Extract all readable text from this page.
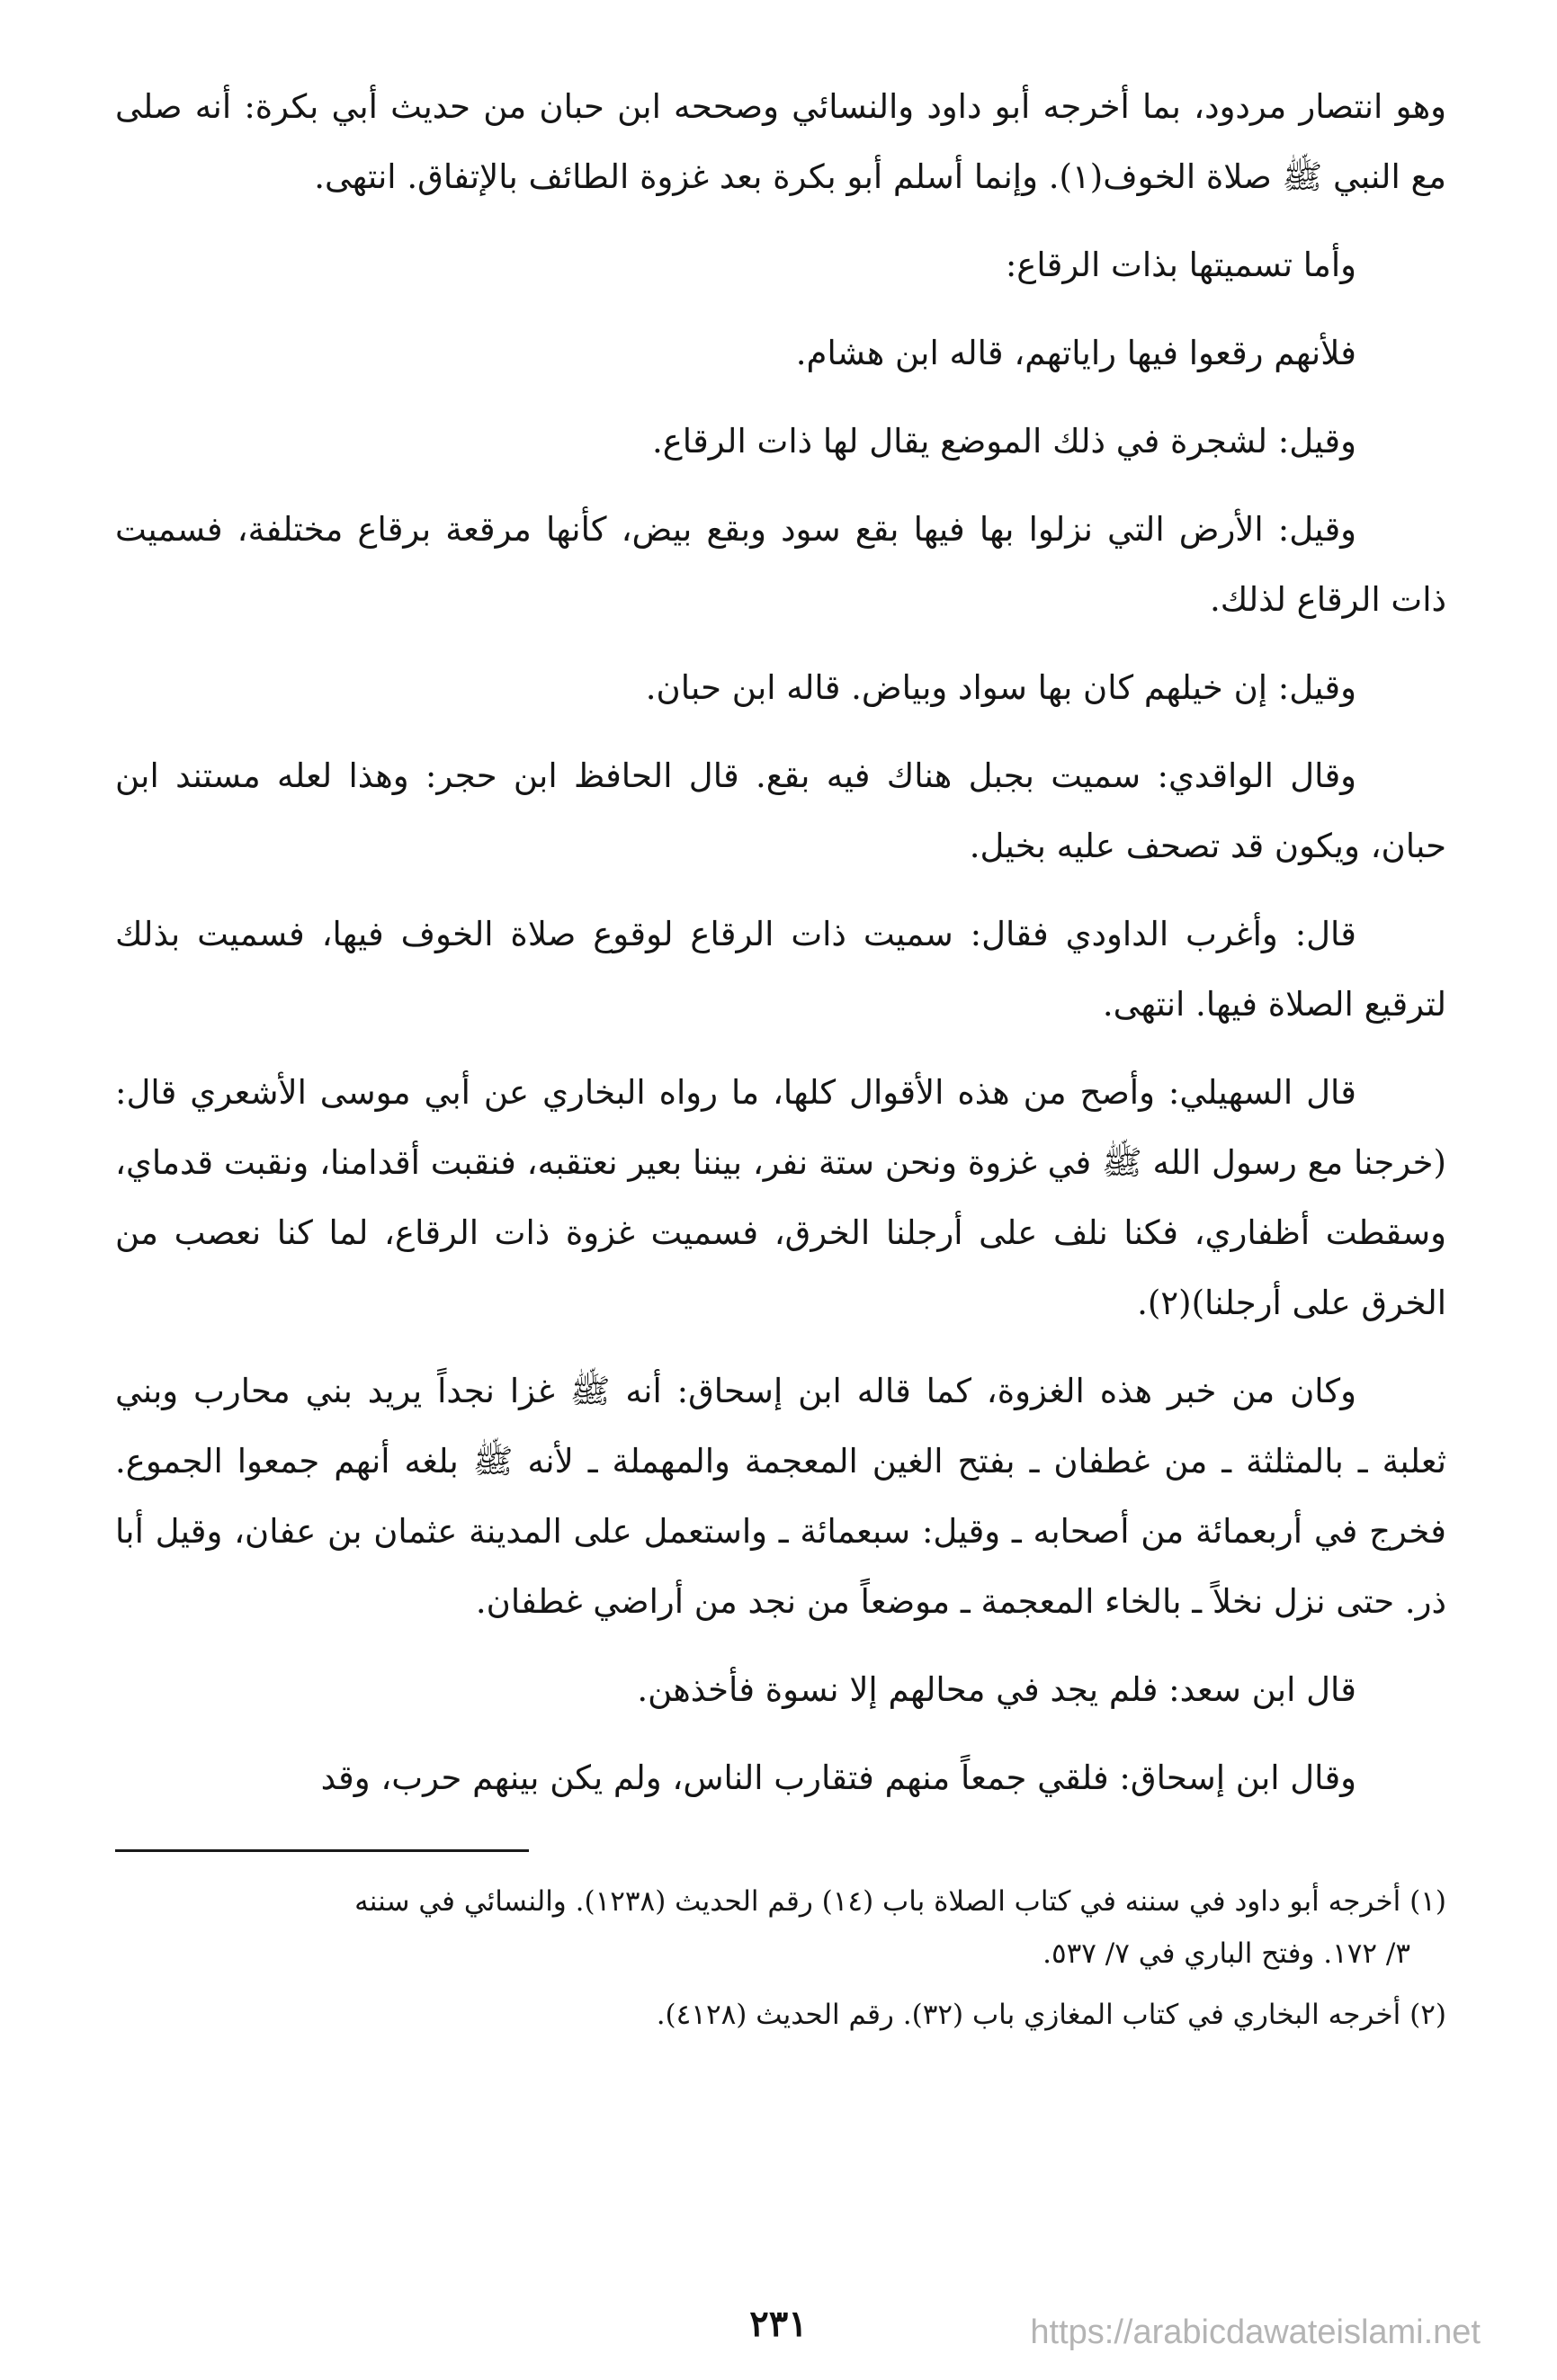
وهو انتصار مردود، بما أخرجه أبو داود والنسائي وصححه ابن حبان من حديث أبي بكرة: أنه صلى مع النبي ﷺ صلاة الخوف(١). وإنما أسلم أبو بكرة بعد غزوة الطائف بالإتفاق. انتهى.

وأما تسميتها بذات الرقاع:

فلأنهم رقعوا فيها راياتهم، قاله ابن هشام.

وقيل: لشجرة في ذلك الموضع يقال لها ذات الرقاع.

وقيل: الأرض التي نزلوا بها فيها بقع سود وبقع بيض، كأنها مرقعة برقاع مختلفة، فسميت ذات الرقاع لذلك.

وقيل: إن خيلهم كان بها سواد وبياض. قاله ابن حبان.

وقال الواقدي: سميت بجبل هناك فيه بقع. قال الحافظ ابن حجر: وهذا لعله مستند ابن حبان، ويكون قد تصحف عليه بخيل.

قال: وأغرب الداودي فقال: سميت ذات الرقاع لوقوع صلاة الخوف فيها، فسميت بذلك لترقيع الصلاة فيها. انتهى.

قال السهيلي: وأصح من هذه الأقوال كلها، ما رواه البخاري عن أبي موسى الأشعري قال: (خرجنا مع رسول الله ﷺ في غزوة ونحن ستة نفر، بيننا بعير نعتقبه، فنقبت أقدامنا، ونقبت قدماي، وسقطت أظفاري، فكنا نلف على أرجلنا الخرق، فسميت غزوة ذات الرقاع، لما كنا نعصب من الخرق على أرجلنا)(٢).

وكان من خبر هذه الغزوة، كما قاله ابن إسحاق: أنه ﷺ غزا نجداً يريد بني محارب وبني ثعلبة ـ بالمثلثة ـ من غطفان ـ بفتح الغين المعجمة والمهملة ـ لأنه ﷺ بلغه أنهم جمعوا الجموع. فخرج في أربعمائة من أصحابه ـ وقيل: سبعمائة ـ واستعمل على المدينة عثمان بن عفان، وقيل أبا ذر. حتى نزل نخلاً ـ بالخاء المعجمة ـ موضعاً من نجد من أراضي غطفان.

قال ابن سعد: فلم يجد في محالهم إلا نسوة فأخذهن.

وقال ابن إسحاق: فلقي جمعاً منهم فتقارب الناس، ولم يكن بينهم حرب، وقد

(١) أخرجه أبو داود في سننه في كتاب الصلاة باب (١٤) رقم الحديث (١٢٣٨). والنسائي في سننه
٣/ ١٧٢. وفتح الباري في ٧/ ٥٣٧.

(٢) أخرجه البخاري في كتاب المغازي باب (٣٢). رقم الحديث (٤١٢٨).

٢٣١	https://arabicdawateislami.net
